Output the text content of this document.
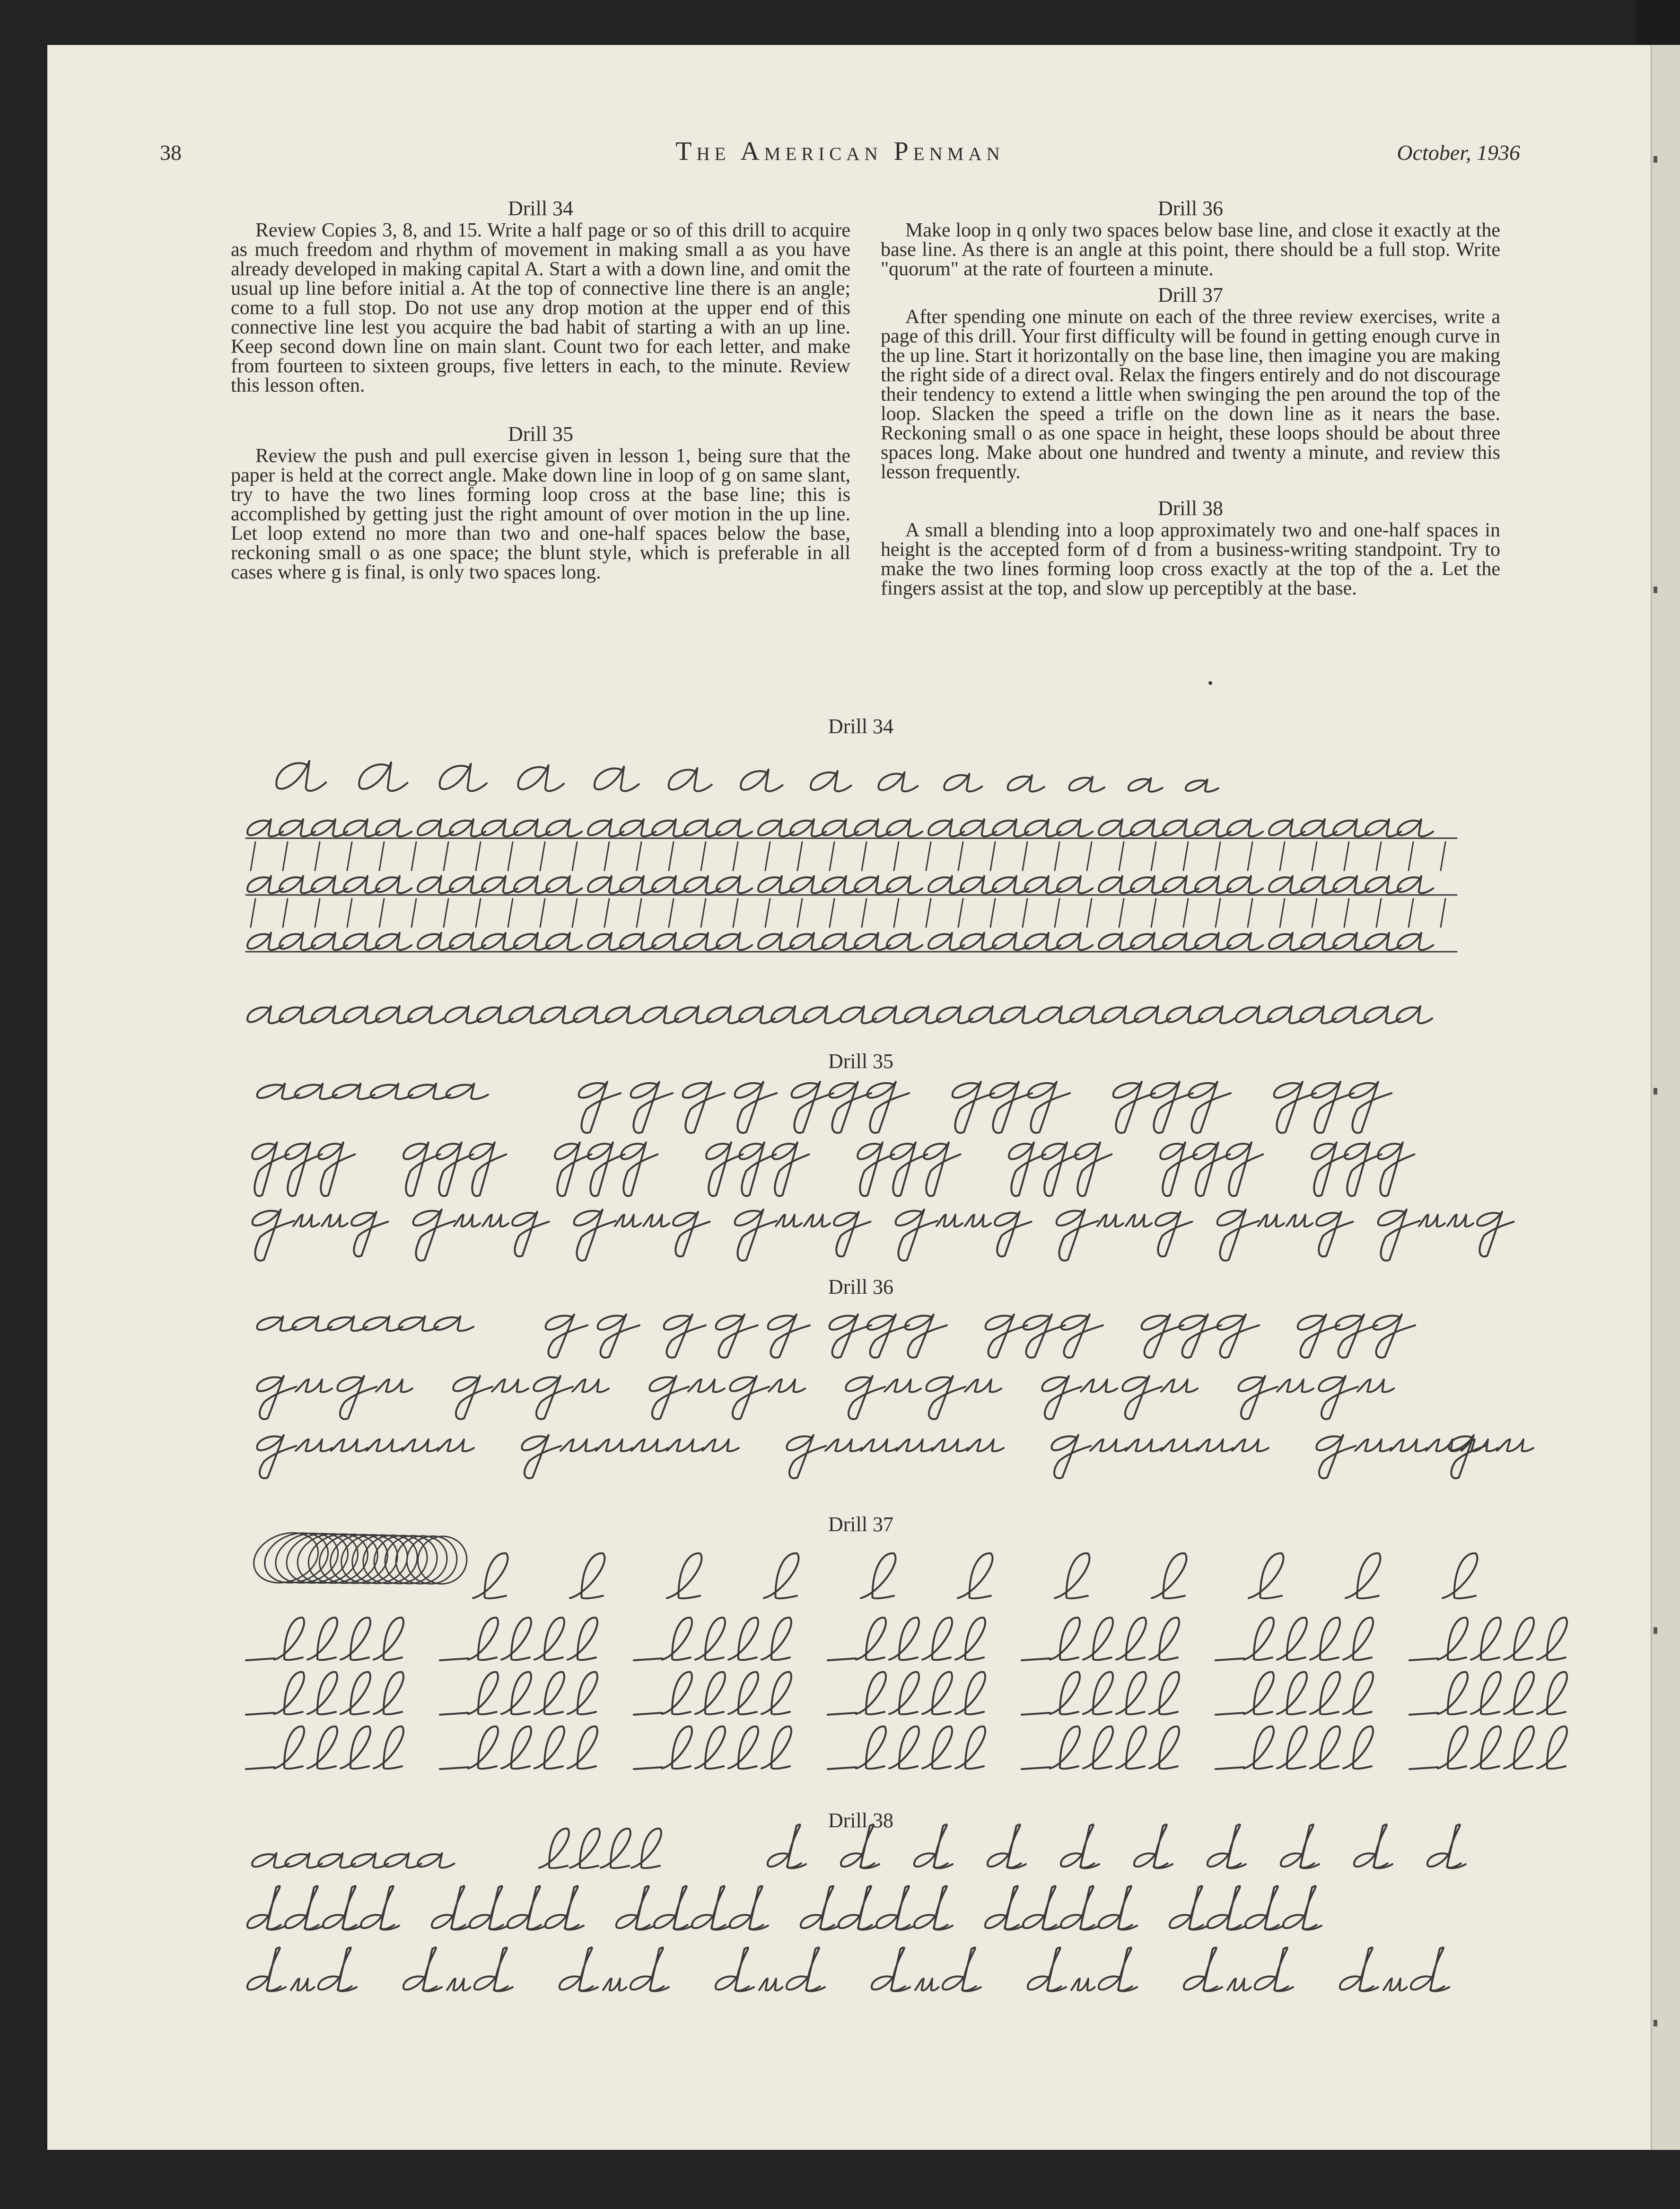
38	The American Penman	October, 1936
Drill 34

Review Copies 3, 8, and 15. Write a half page or so of this drill to acquire as much freedom and rhythm of movement in making small a as you have already developed in making capital A. Start a with a down line, and omit the usual up line before initial a. At the top of connective line there is an angle; come to a full stop. Do not use any drop motion at the upper end of this connective line lest you acquire the bad habit of starting a with an up line. Keep second down line on main slant. Count two for each letter, and make from fourteen to sixteen groups, five letters in each, to the minute. Review this lesson often.

Drill 35

Review the push and pull exercise given in lesson 1, being sure that the paper is held at the correct angle. Make down line in loop of g on same slant, try to have the two lines forming loop cross at the base line; this is accomplished by getting just the right amount of over motion in the up line. Let loop extend no more than two and one-half spaces below the base, reckoning small o as one space; the blunt style, which is preferable in all cases where g is final, is only two spaces long.

Drill 36

Make loop in q only two spaces below base line, and close it exactly at the base line. As there is an angle at this point, there should be a full stop. Write "quorum" at the rate of fourteen a minute.

Drill 37

After spending one minute on each of the three review exercises, write a page of this drill. Your first difficulty will be found in getting enough curve in the up line. Start it horizontally on the base line, then imagine you are making the right side of a direct oval. Relax the fingers entirely and do not discourage their tendency to extend a little when swinging the pen around the top of the loop. Slacken the speed a trifle on the down line as it nears the base. Reckoning small o as one space in height, these loops should be about three spaces long. Make about one hundred and twenty a minute, and review this lesson frequently.

Drill 38

A small a blending into a loop approximately two and one-half spaces in height is the accepted form of d from a business-writing standpoint. Try to make the two lines forming loop cross exactly at the top of the a. Let the fingers assist at the top, and slow up perceptibly at the base.

Drill 34
Drill 35
Drill 36
Drill 37
Drill 38
